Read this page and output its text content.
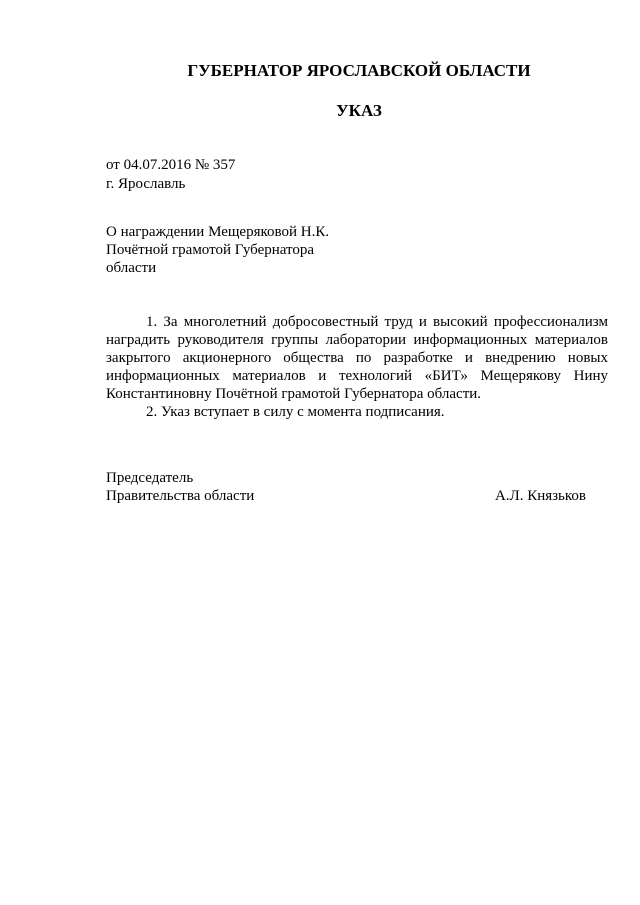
ГУБЕРНАТОР ЯРОСЛАВСКОЙ ОБЛАСТИ
УКАЗ
от 04.07.2016 № 357
г. Ярославль
О награждении Мещеряковой Н.К.
Почётной грамотой Губернатора
области

1. За многолетний добросовестный труд и высокий профессионализм наградить руководителя группы лаборатории информационных материалов закрытого акционерного общества по разработке и внедрению новых информационных материалов и технологий «БИТ» Мещерякову Нину Константиновну Почётной грамотой Губернатора области.

2. Указ вступает в силу с момента подписания.

Председатель
Правительства области	А.Л. Князьков
